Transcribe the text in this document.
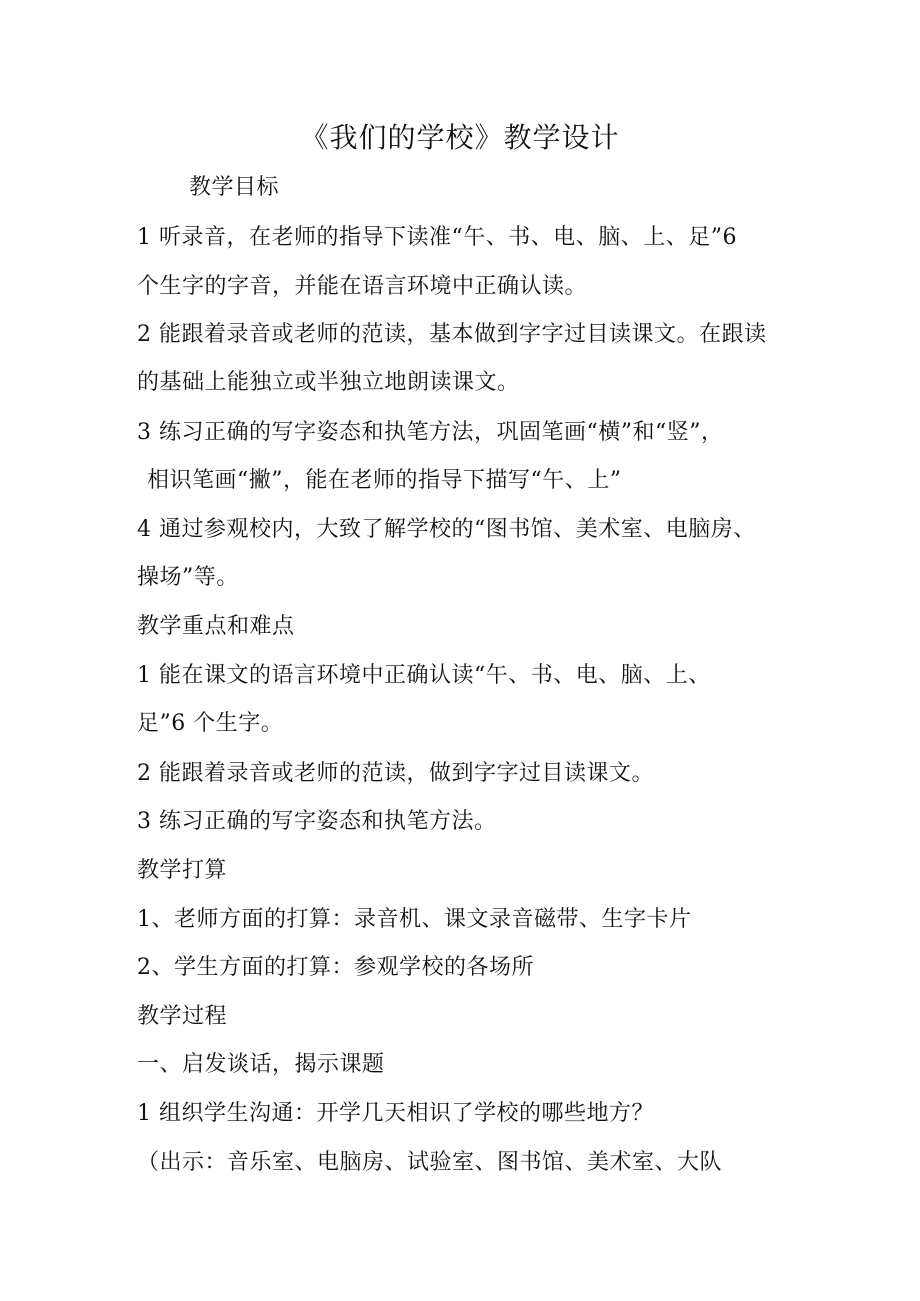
《我们的学校》教学设计
教学目标
1 听录音，在老师的指导下读准“午、书、电、脑、上、足”6
个生字的字音，并能在语言环境中正确认读。
2 能跟着录音或老师的范读，基本做到字字过目读课文。在跟读
的基础上能独立或半独立地朗读课文。
3 练习正确的写字姿态和执笔方法，巩固笔画“横”和“竖”，
相识笔画“撇”，能在老师的指导下描写“午、上”
4 通过参观校内，大致了解学校的“图书馆、美术室、电脑房、
操场”等。
教学重点和难点
1 能在课文的语言环境中正确认读“午、书、电、脑、上、
足”6 个生字。
2 能跟着录音或老师的范读，做到字字过目读课文。
3 练习正确的写字姿态和执笔方法。
教学打算
1、老师方面的打算：录音机、课文录音磁带、生字卡片
2、学生方面的打算：参观学校的各场所
教学过程
一、启发谈话，揭示课题
1 组织学生沟通：开学几天相识了学校的哪些地方？
（出示：音乐室、电脑房、试验室、图书馆、美术室、大队
